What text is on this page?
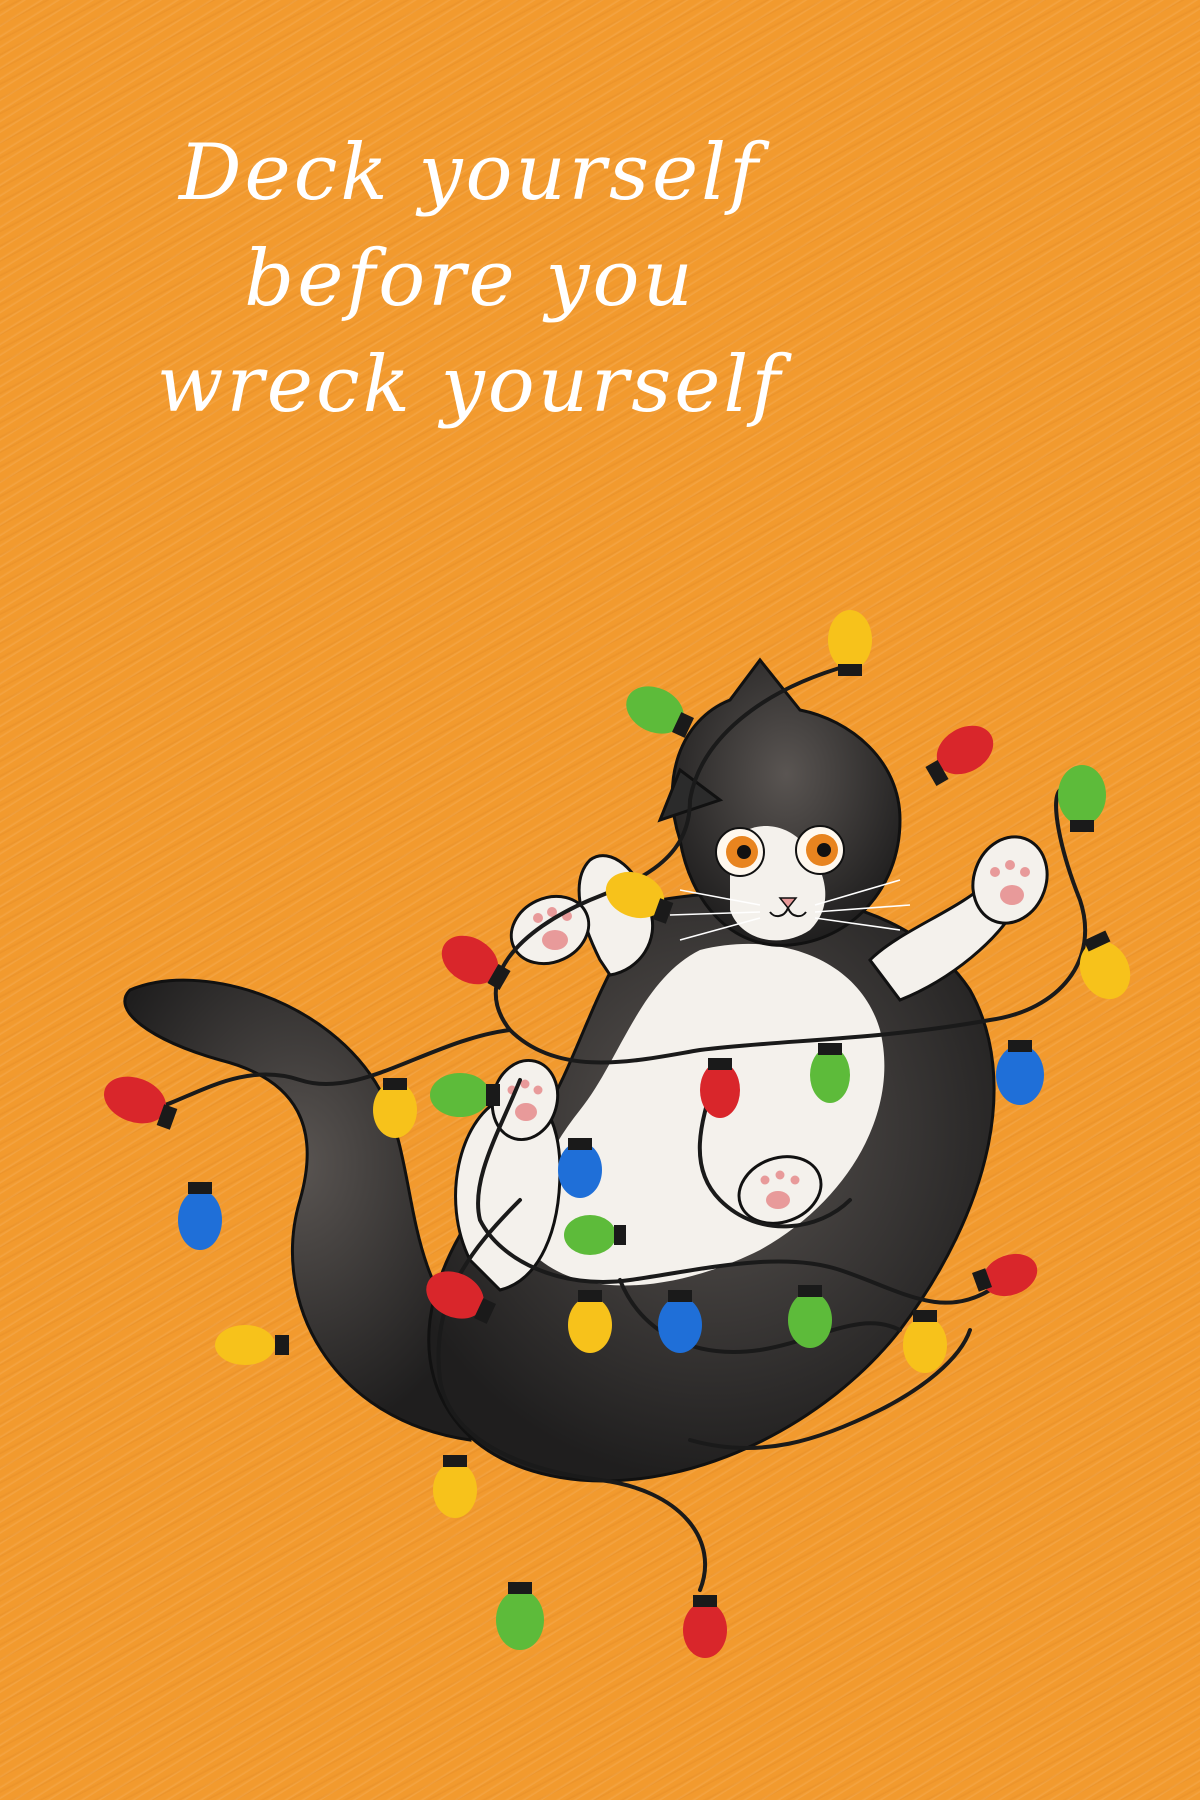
Deck yourself
before you
wreck yourself
